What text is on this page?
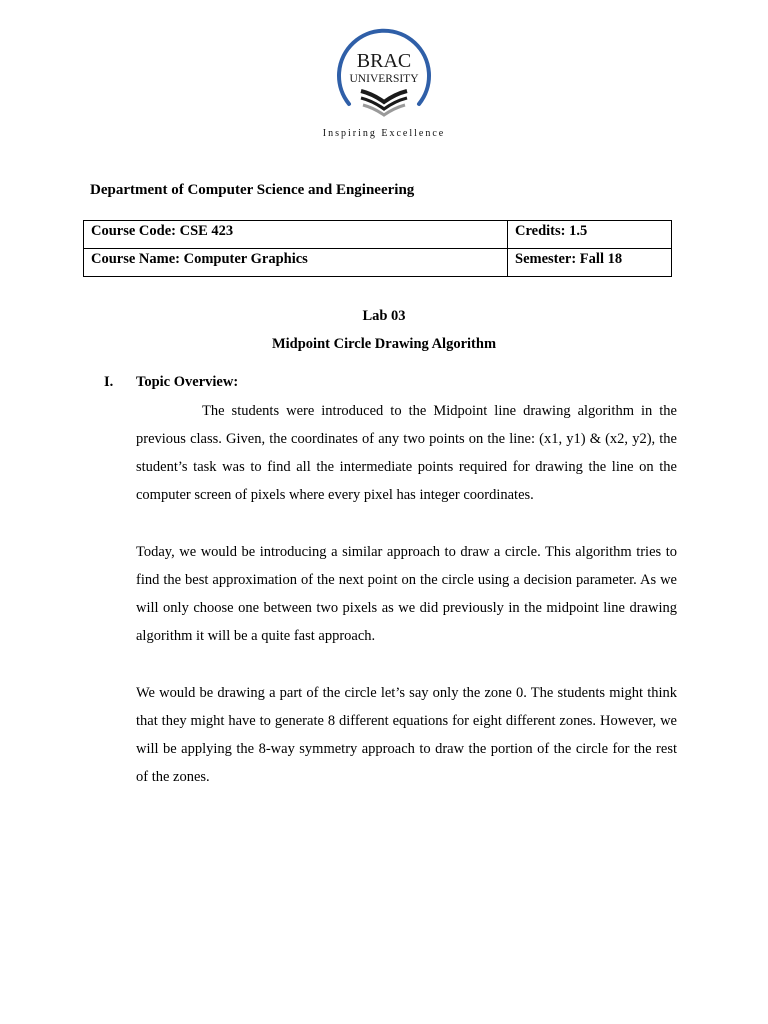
BRAC
UNIVERSITY
Inspiring Excellence
Department of Computer Science and Engineering
Course Code: CSE 423	Credits: 1.5
Course Name: Computer Graphics	Semester: Fall 18
Lab 03
Midpoint Circle Drawing Algorithm
I. Topic Overview:

The students were introduced to the Midpoint line drawing algorithm in the previous class. Given, the coordinates of any two points on the line: (x1, y1) & (x2, y2), the student’s task was to find all the intermediate points required for drawing the line on the computer screen of pixels where every pixel has integer coordinates.

Today, we would be introducing a similar approach to draw a circle. This algorithm tries to find the best approximation of the next point on the circle using a decision parameter. As we will only choose one between two pixels as we did previously in the midpoint line drawing algorithm it will be a quite fast approach.

We would be drawing a part of the circle let’s say only the zone 0. The students might think that they might have to generate 8 different equations for eight different zones. However, we will be applying the 8-way symmetry approach to draw the portion of the circle for the rest of the zones.
